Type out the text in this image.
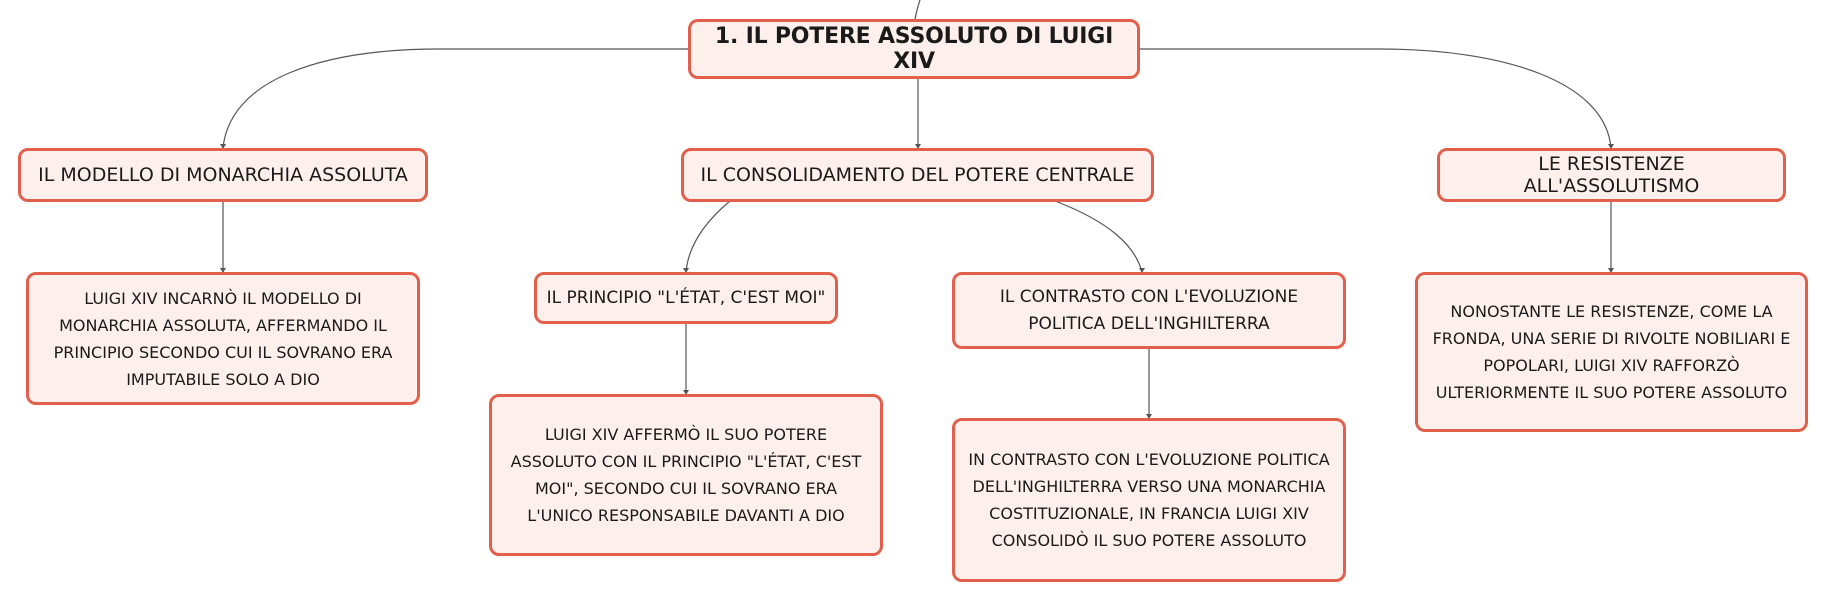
1. IL POTERE ASSOLUTO DI LUIGI XIV
IL MODELLO DI MONARCHIA ASSOLUTA	IL CONSOLIDAMENTO DEL POTERE CENTRALE	LE RESISTENZE ALL'ASSOLUTISMO
LUIGI XIV INCARNÒ IL MODELLO DI MONARCHIA ASSOLUTA, AFFERMANDO IL PRINCIPIO SECONDO CUI IL SOVRANO ERA IMPUTABILE SOLO A DIO
IL PRINCIPIO "L'ÉTAT, C'EST MOI"	IL CONTRASTO CON L'EVOLUZIONE POLITICA DELL'INGHILTERRA
NONOSTANTE LE RESISTENZE, COME LA FRONDA, UNA SERIE DI RIVOLTE NOBILIARI E POPOLARI, LUIGI XIV RAFFORZÒ ULTERIORMENTE IL SUO POTERE ASSOLUTO
LUIGI XIV AFFERMÒ IL SUO POTERE ASSOLUTO CON IL PRINCIPIO "L'ÉTAT, C'EST MOI", SECONDO CUI IL SOVRANO ERA L'UNICO RESPONSABILE DAVANTI A DIO
IN CONTRASTO CON L'EVOLUZIONE POLITICA DELL'INGHILTERRA VERSO UNA MONARCHIA COSTITUZIONALE, IN FRANCIA LUIGI XIV CONSOLIDÒ IL SUO POTERE ASSOLUTO
